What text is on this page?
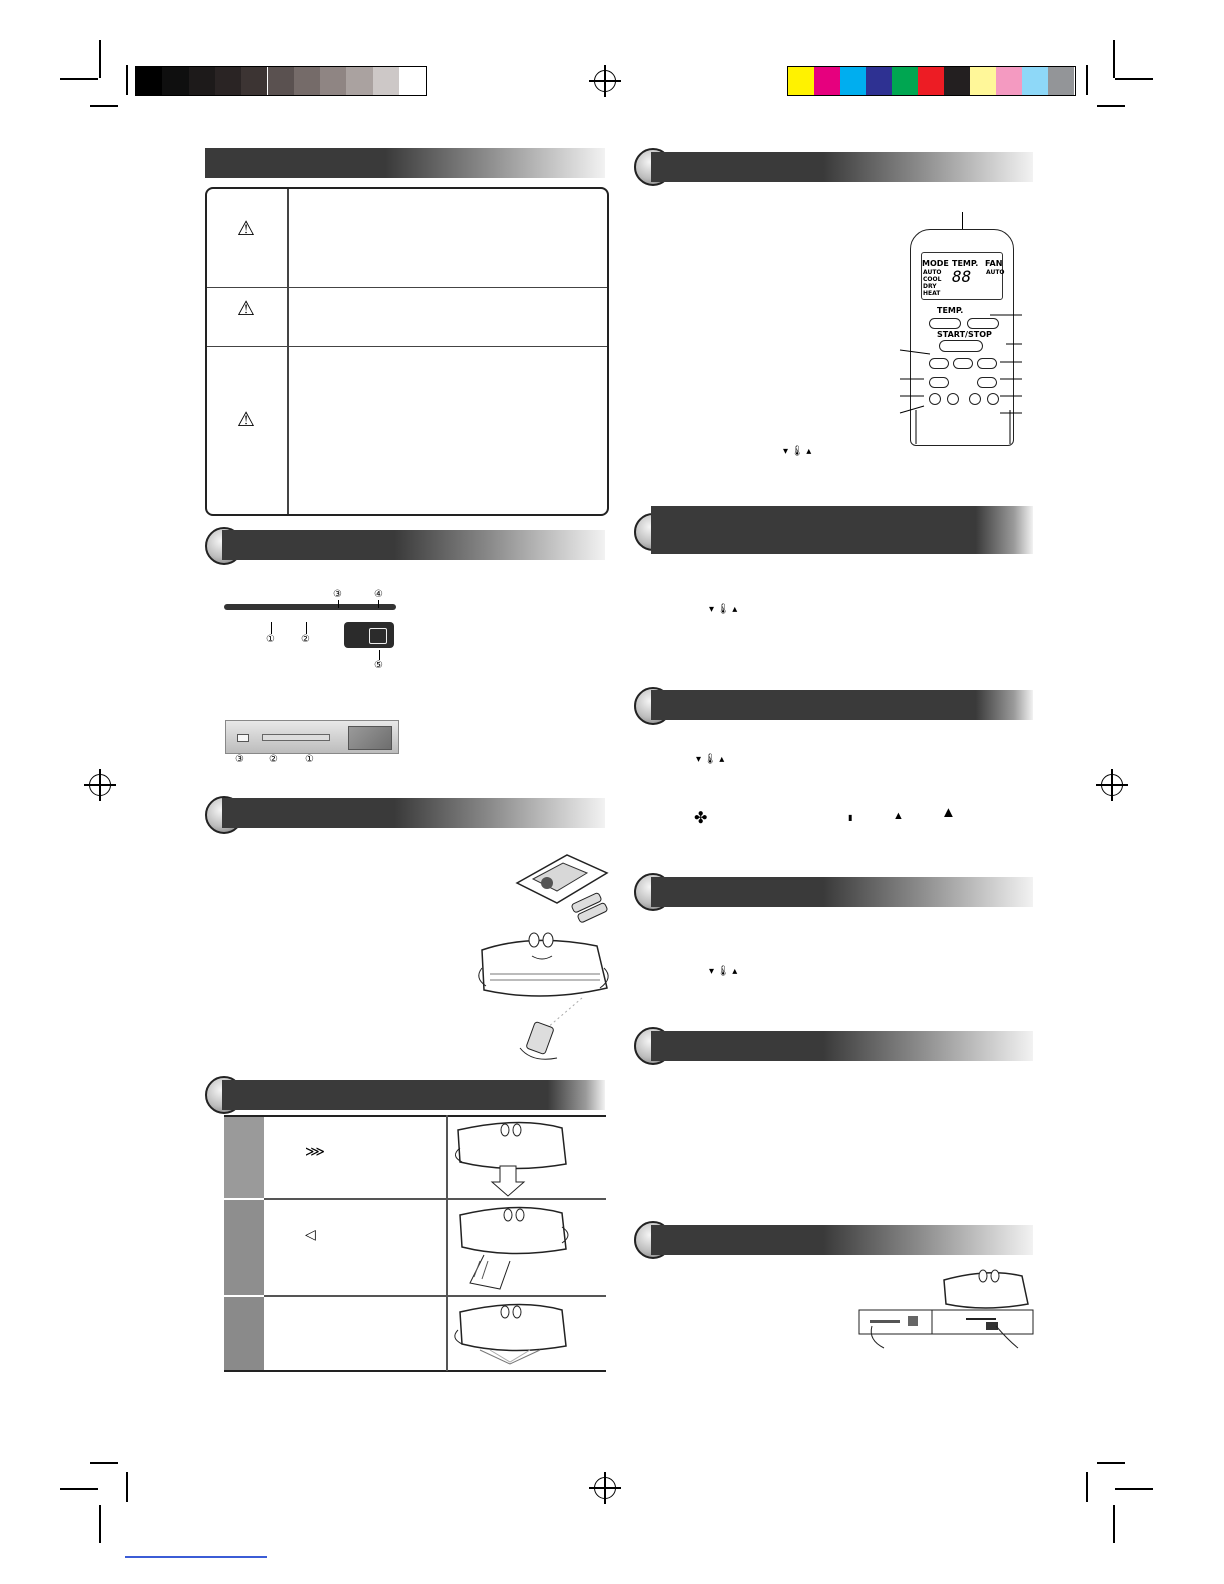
⚠
⚠
⚠
③	④
①	②
⑤
③	②	①
⋙
◁
MODE TEMP. FAN
AUTO
COOL
DRY
HEAT
88 AUTO
TEMP.
START/STOP
▾ 🌡 ▴
▾ 🌡 ▴
▾ 🌡 ▴
✤	▮	▲ ▲
▾ 🌡 ▴
